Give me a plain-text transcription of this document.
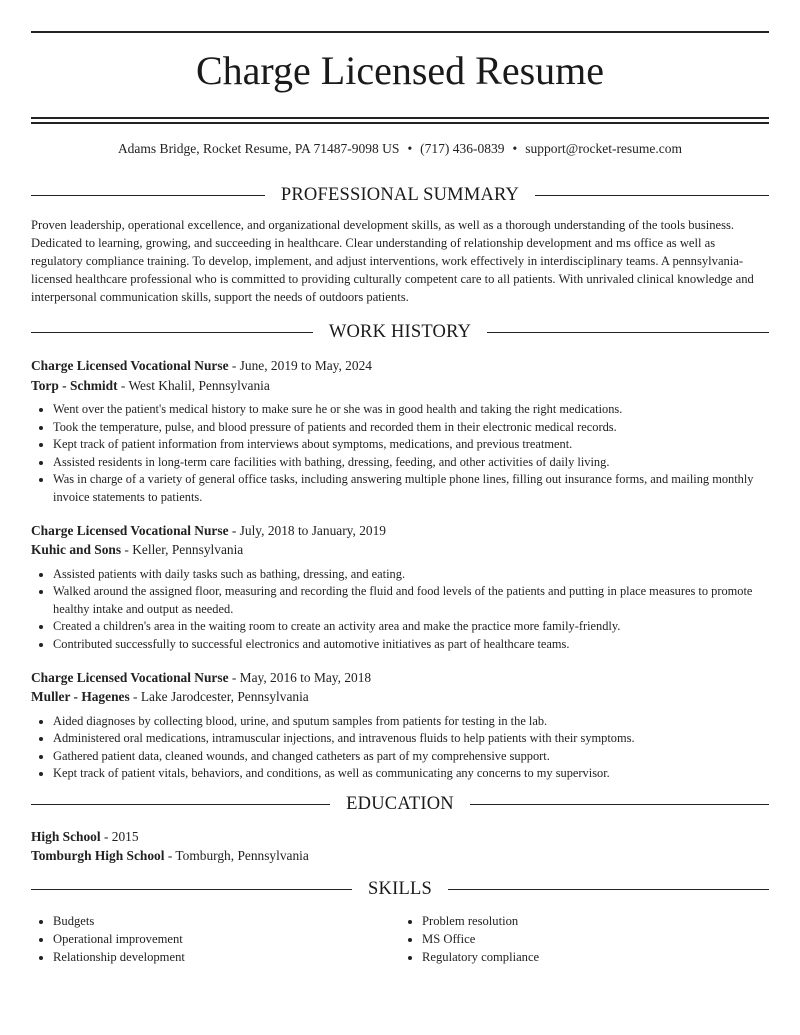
Charge Licensed Resume
Adams Bridge, Rocket Resume, PA 71487-9098 US • (717) 436-0839 • support@rocket-resume.com
PROFESSIONAL SUMMARY
Proven leadership, operational excellence, and organizational development skills, as well as a thorough understanding of the tools business. Dedicated to learning, growing, and succeeding in healthcare. Clear understanding of relationship development and ms office as well as regulatory compliance training. To develop, implement, and adjust interventions, work effectively in interdisciplinary teams. A pennsylvania-licensed healthcare professional who is committed to providing culturally competent care to all patients. With unrivaled clinical knowledge and interpersonal communication skills, support the needs of outdoors patients.
WORK HISTORY
Charge Licensed Vocational Nurse - June, 2019 to May, 2024
Torp - Schmidt - West Khalil, Pennsylvania
• Went over the patient's medical history to make sure he or she was in good health and taking the right medications.
• Took the temperature, pulse, and blood pressure of patients and recorded them in their electronic medical records.
• Kept track of patient information from interviews about symptoms, medications, and previous treatment.
• Assisted residents in long-term care facilities with bathing, dressing, feeding, and other activities of daily living.
• Was in charge of a variety of general office tasks, including answering multiple phone lines, filling out insurance forms, and mailing monthly invoice statements to patients.
Charge Licensed Vocational Nurse - July, 2018 to January, 2019
Kuhic and Sons - Keller, Pennsylvania
• Assisted patients with daily tasks such as bathing, dressing, and eating.
• Walked around the assigned floor, measuring and recording the fluid and food levels of the patients and putting in place measures to promote healthy intake and output as needed.
• Created a children's area in the waiting room to create an activity area and make the practice more family-friendly.
• Contributed successfully to successful electronics and automotive initiatives as part of healthcare teams.
Charge Licensed Vocational Nurse - May, 2016 to May, 2018
Muller - Hagenes - Lake Jarodcester, Pennsylvania
• Aided diagnoses by collecting blood, urine, and sputum samples from patients for testing in the lab.
• Administered oral medications, intramuscular injections, and intravenous fluids to help patients with their symptoms.
• Gathered patient data, cleaned wounds, and changed catheters as part of my comprehensive support.
• Kept track of patient vitals, behaviors, and conditions, as well as communicating any concerns to my supervisor.
EDUCATION
High School - 2015
Tomburgh High School - Tomburgh, Pennsylvania
SKILLS
• Budgets
• Operational improvement
• Relationship development
• Problem resolution
• MS Office
• Regulatory compliance
